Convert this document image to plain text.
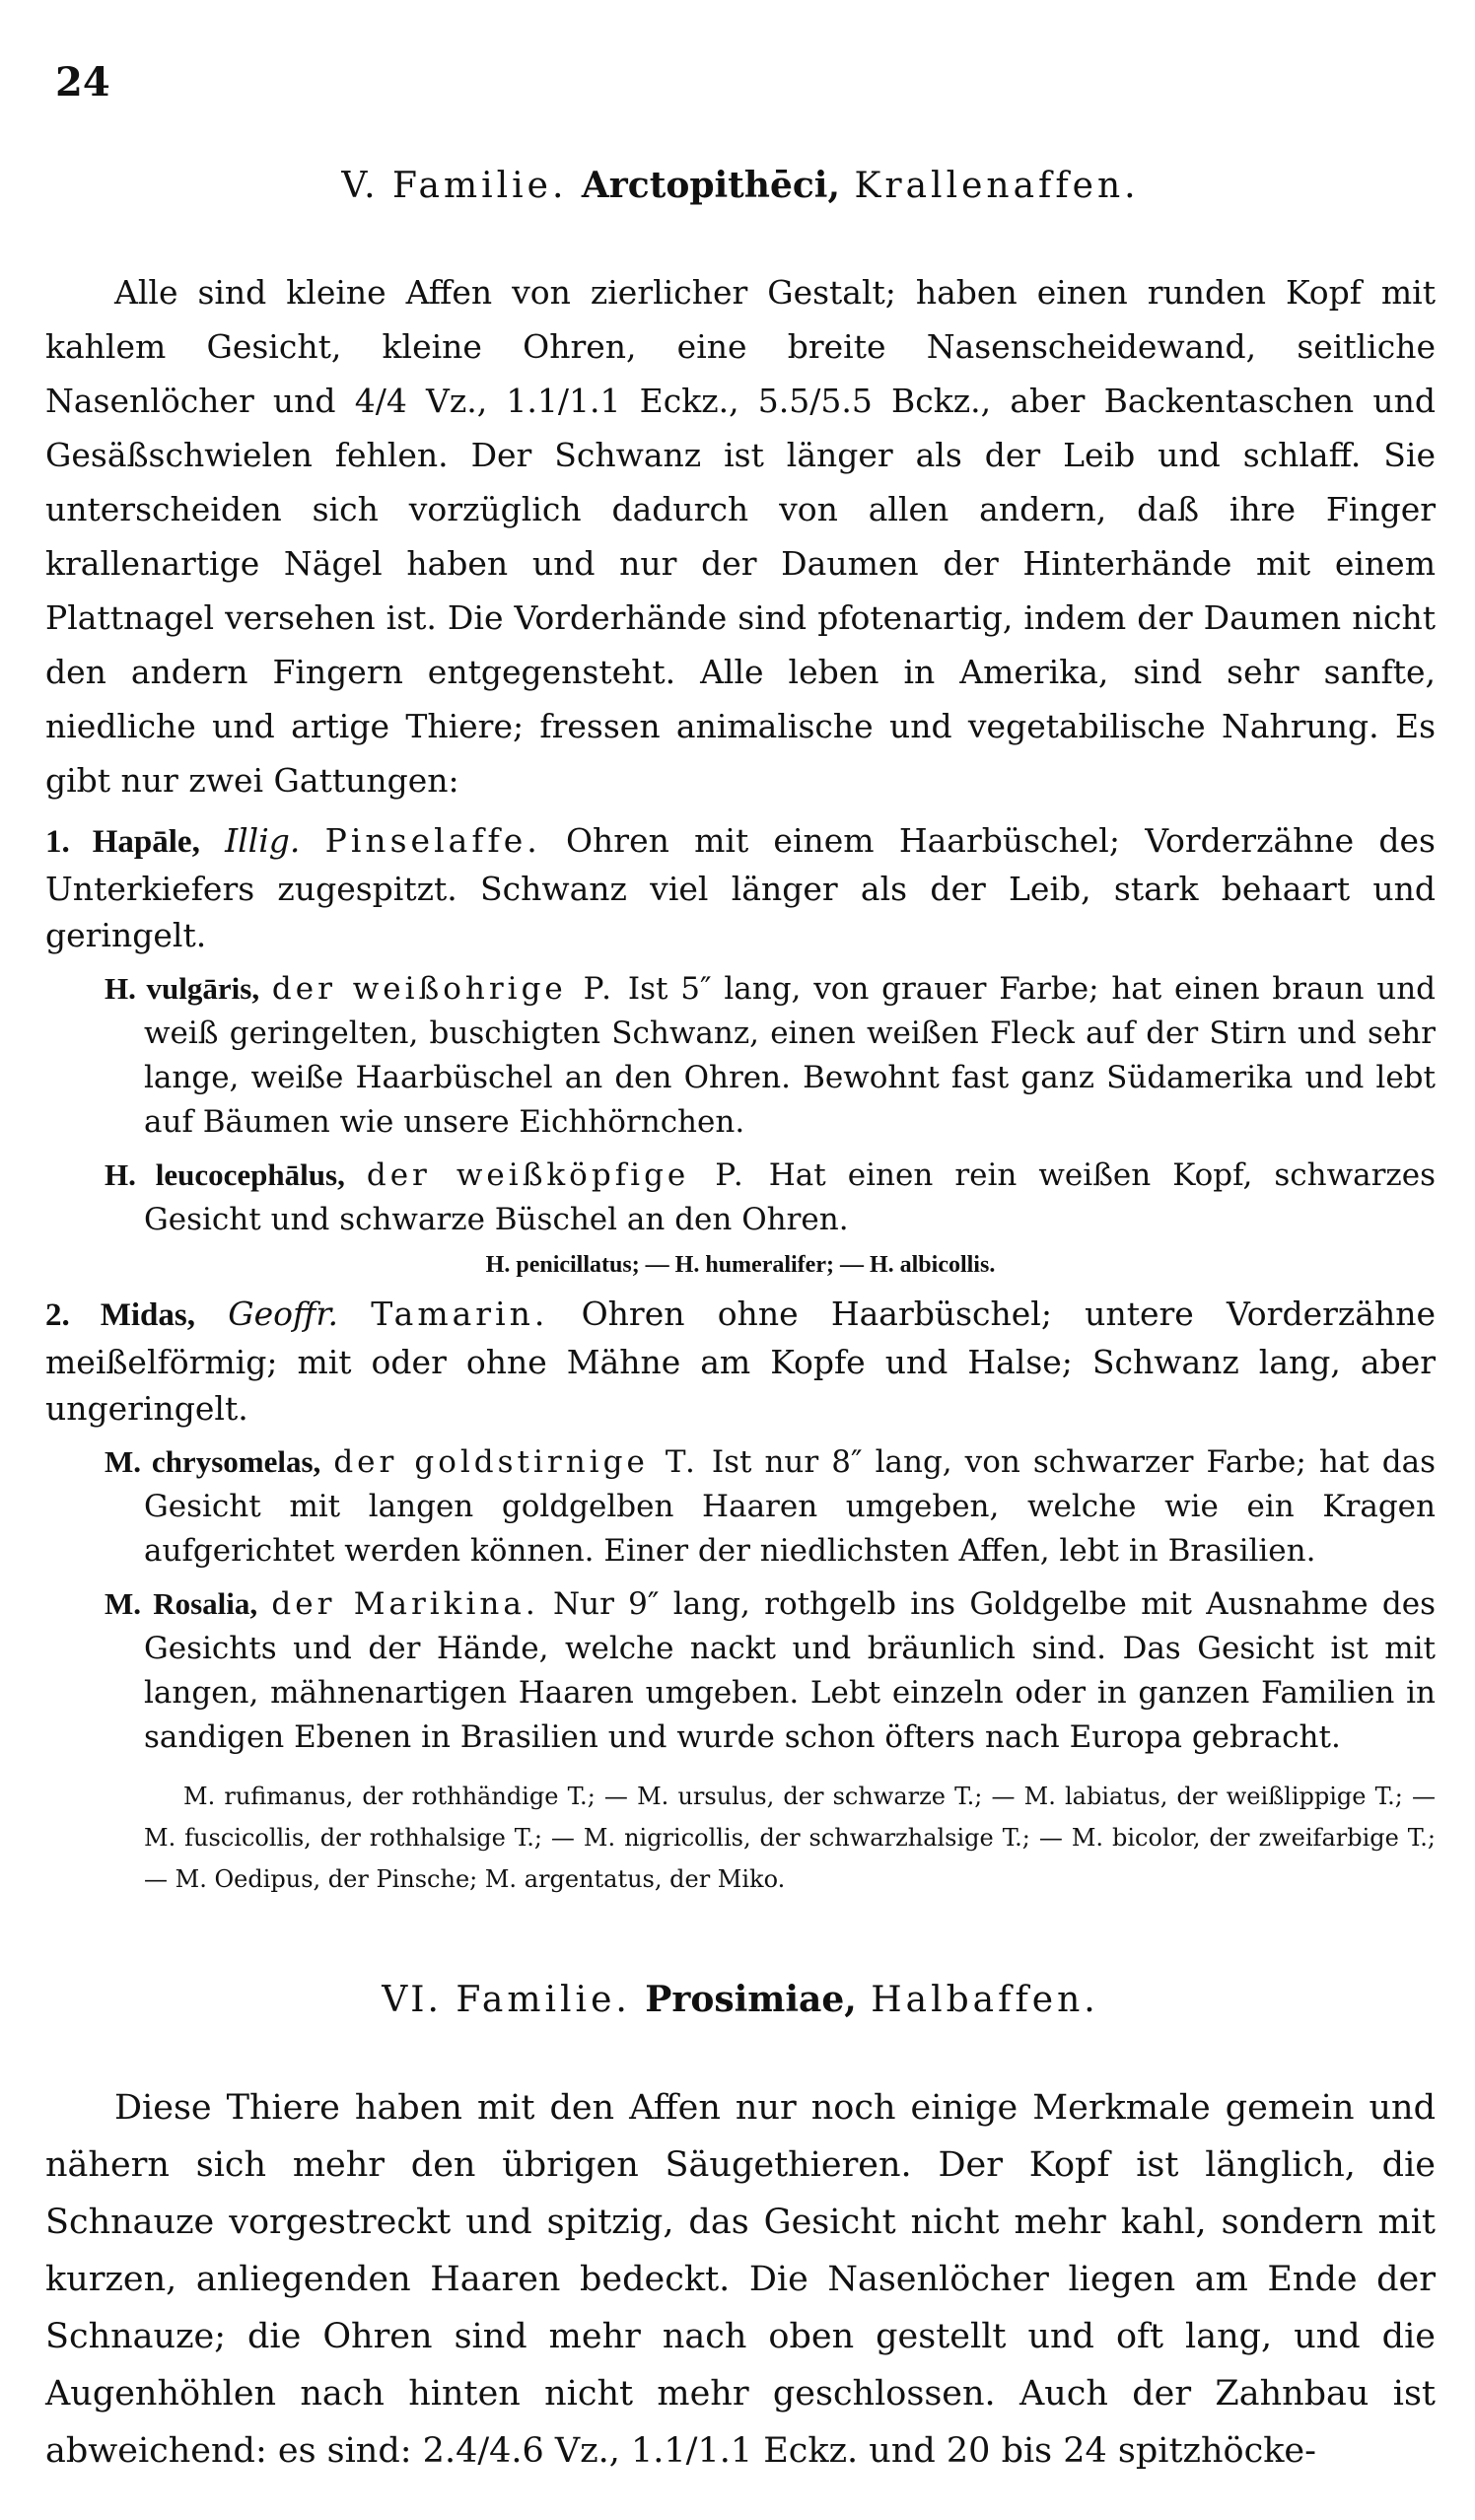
24
V. Familie. Arctopithēci, Krallenaffen.

Alle sind kleine Affen von zierlicher Gestalt; haben einen runden Kopf mit kahlem Gesicht, kleine Ohren, eine breite Nasenscheidewand, seitliche Nasenlöcher und 4/4 Vz., 1.1/1.1 Eckz., 5.5/5.5 Bckz., aber Backentaschen und Gesäßschwielen fehlen. Der Schwanz ist länger als der Leib und schlaff. Sie unterscheiden sich vorzüglich dadurch von allen andern, daß ihre Finger krallenartige Nägel haben und nur der Daumen der Hinterhände mit einem Plattnagel versehen ist. Die Vorderhände sind pfotenartig, indem der Daumen nicht den andern Fingern entgegensteht. Alle leben in Amerika, sind sehr sanfte, niedliche und artige Thiere; fressen animalische und vegetabilische Nahrung. Es gibt nur zwei Gattungen:

1. Hapāle, Illig. Pinselaffe. Ohren mit einem Haarbüschel; Vorderzähne des Unterkiefers zugespitzt. Schwanz viel länger als der Leib, stark behaart und geringelt.

H. vulgāris, der weißohrige P. Ist 5″ lang, von grauer Farbe; hat einen braun und weiß geringelten, buschigten Schwanz, einen weißen Fleck auf der Stirn und sehr lange, weiße Haarbüschel an den Ohren. Bewohnt fast ganz Südamerika und lebt auf Bäumen wie unsere Eichhörnchen.

H. leucocephālus, der weißköpfige P. Hat einen rein weißen Kopf, schwarzes Gesicht und schwarze Büschel an den Ohren.

H. penicillatus; — H. humeralifer; — H. albicollis.

2. Midas, Geoffr. Tamarin. Ohren ohne Haarbüschel; untere Vorderzähne meißelförmig; mit oder ohne Mähne am Kopfe und Halse; Schwanz lang, aber ungeringelt.

M. chrysomelas, der goldstirnige T. Ist nur 8″ lang, von schwarzer Farbe; hat das Gesicht mit langen goldgelben Haaren umgeben, welche wie ein Kragen aufgerichtet werden können. Einer der niedlichsten Affen, lebt in Brasilien.

M. Rosalia, der Marikina. Nur 9″ lang, rothgelb ins Goldgelbe mit Ausnahme des Gesichts und der Hände, welche nackt und bräunlich sind. Das Gesicht ist mit langen, mähnenartigen Haaren umgeben. Lebt einzeln oder in ganzen Familien in sandigen Ebenen in Brasilien und wurde schon öfters nach Europa gebracht.

M. rufimanus, der rothhändige T.; — M. ursulus, der schwarze T.; — M. labiatus, der weißlippige T.; — M. fuscicollis, der rothhalsige T.; — M. nigricollis, der schwarzhalsige T.; — M. bicolor, der zweifarbige T.; — M. Oedipus, der Pinsche; M. argentatus, der Miko.

VI. Familie. Prosimiae, Halbaffen.

Diese Thiere haben mit den Affen nur noch einige Merkmale gemein und nähern sich mehr den übrigen Säugethieren. Der Kopf ist länglich, die Schnauze vorgestreckt und spitzig, das Gesicht nicht mehr kahl, sondern mit kurzen, anliegenden Haaren bedeckt. Die Nasenlöcher liegen am Ende der Schnauze; die Ohren sind mehr nach oben gestellt und oft lang, und die Augenhöhlen nach hinten nicht mehr geschlossen. Auch der Zahnbau ist abweichend: es sind: 2.4/4.6 Vz., 1.1/1.1 Eckz. und 20 bis 24 spitzhöcke-
